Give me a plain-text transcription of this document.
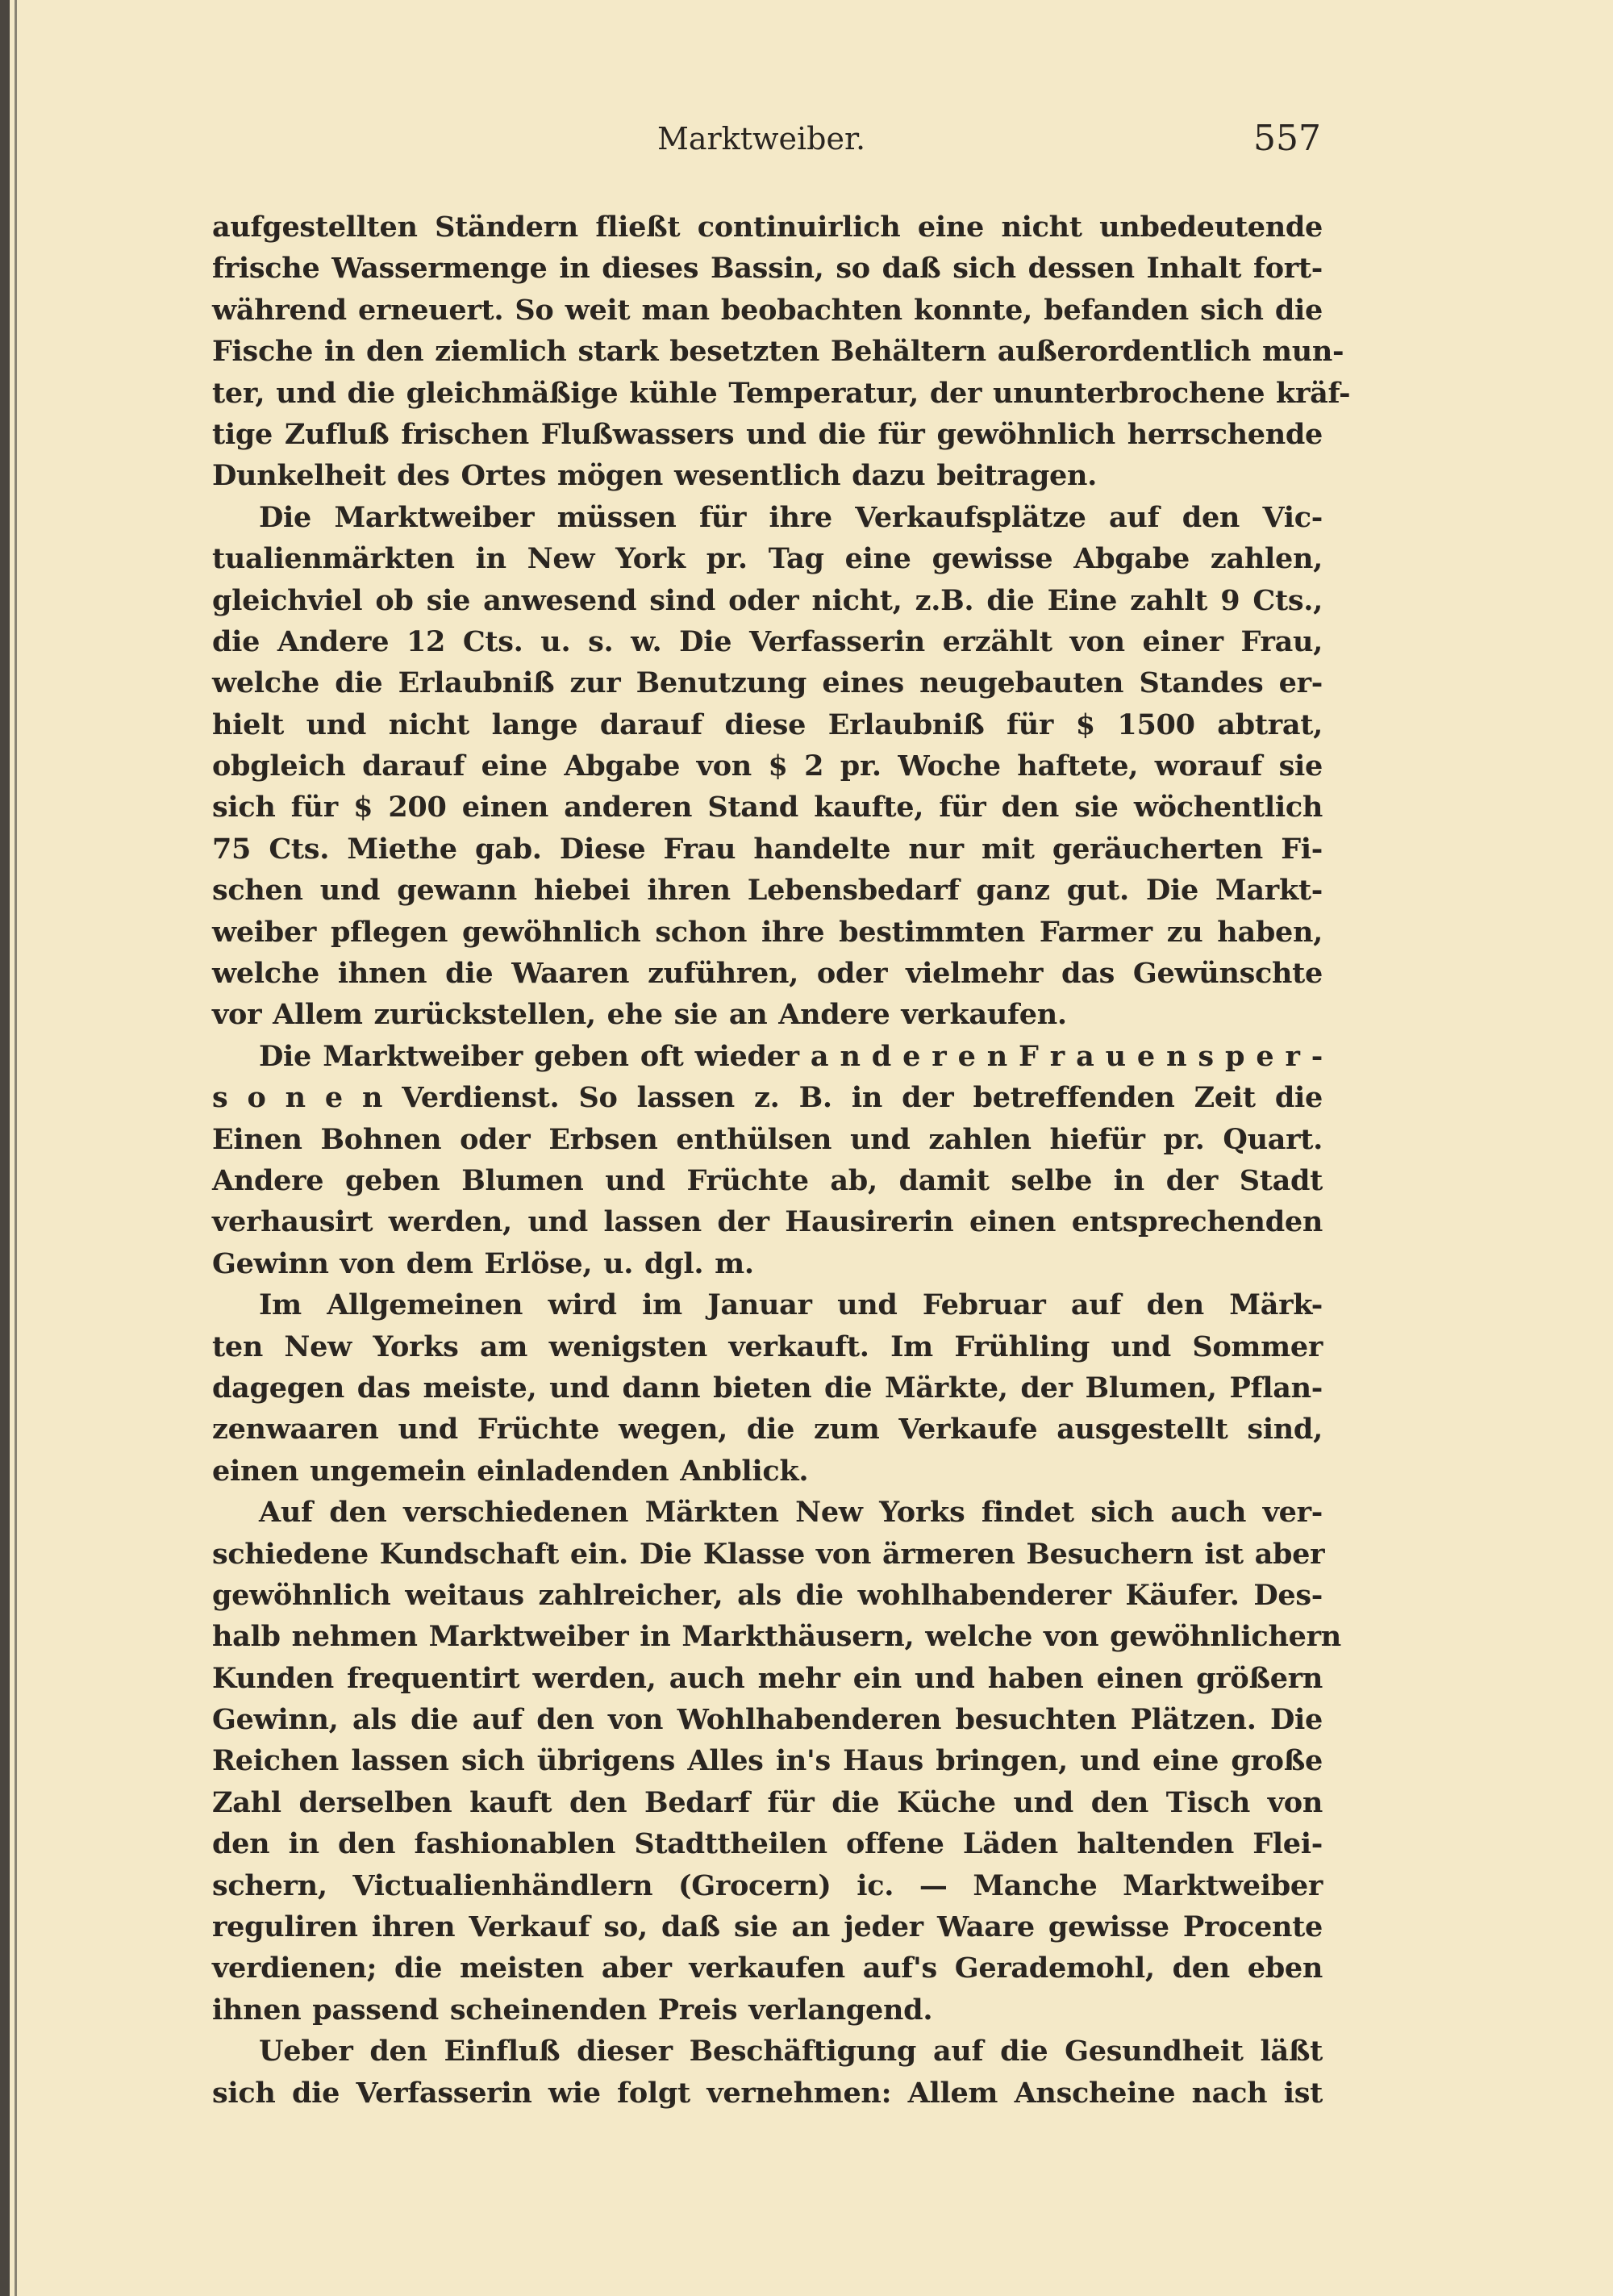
Marktweiber.	557
aufgestellten Ständern fließt continuirlich eine nicht unbedeutende
frische Wassermenge in dieses Bassin, so daß sich dessen Inhalt fort-
während erneuert. So weit man beobachten konnte, befanden sich die
Fische in den ziemlich stark besetzten Behältern außerordentlich mun-
ter, und die gleichmäßige kühle Temperatur, der ununterbrochene kräf-
tige Zufluß frischen Flußwassers und die für gewöhnlich herrschende
Dunkelheit des Ortes mögen wesentlich dazu beitragen.
Die Marktweiber müssen für ihre Verkaufsplätze auf den Vic-
tualienmärkten in New York pr. Tag eine gewisse Abgabe zahlen,
gleichviel ob sie anwesend sind oder nicht, z.B. die Eine zahlt 9 Cts.,
die Andere 12 Cts. u. s. w. Die Verfasserin erzählt von einer Frau,
welche die Erlaubniß zur Benutzung eines neugebauten Standes er-
hielt und nicht lange darauf diese Erlaubniß für $ 1500 abtrat,
obgleich darauf eine Abgabe von $ 2 pr. Woche haftete, worauf sie
sich für $ 200 einen anderen Stand kaufte, für den sie wöchentlich
75 Cts. Miethe gab. Diese Frau handelte nur mit geräucherten Fi-
schen und gewann hiebei ihren Lebensbedarf ganz gut. Die Markt-
weiber pflegen gewöhnlich schon ihre bestimmten Farmer zu haben,
welche ihnen die Waaren zuführen, oder vielmehr das Gewünschte
vor Allem zurückstellen, ehe sie an Andere verkaufen.
Die Marktweiber geben oft wieder a n d e r e n F r a u e n s p e r -
s o n e n Verdienst. So lassen z. B. in der betreffenden Zeit die
Einen Bohnen oder Erbsen enthülsen und zahlen hiefür pr. Quart.
Andere geben Blumen und Früchte ab, damit selbe in der Stadt
verhausirt werden, und lassen der Hausirerin einen entsprechenden
Gewinn von dem Erlöse, u. dgl. m.
Im Allgemeinen wird im Januar und Februar auf den Märk-
ten New Yorks am wenigsten verkauft. Im Frühling und Sommer
dagegen das meiste, und dann bieten die Märkte, der Blumen, Pflan-
zenwaaren und Früchte wegen, die zum Verkaufe ausgestellt sind,
einen ungemein einladenden Anblick.
Auf den verschiedenen Märkten New Yorks findet sich auch ver-
schiedene Kundschaft ein. Die Klasse von ärmeren Besuchern ist aber
gewöhnlich weitaus zahlreicher, als die wohlhabenderer Käufer. Des-
halb nehmen Marktweiber in Markthäusern, welche von gewöhnlichern
Kunden frequentirt werden, auch mehr ein und haben einen größern
Gewinn, als die auf den von Wohlhabenderen besuchten Plätzen. Die
Reichen lassen sich übrigens Alles in's Haus bringen, und eine große
Zahl derselben kauft den Bedarf für die Küche und den Tisch von
den in den fashionablen Stadttheilen offene Läden haltenden Flei-
schern, Victualienhändlern (Grocern) ic. — Manche Marktweiber
reguliren ihren Verkauf so, daß sie an jeder Waare gewisse Procente
verdienen; die meisten aber verkaufen auf's Gerademohl, den eben
ihnen passend scheinenden Preis verlangend.
Ueber den Einfluß dieser Beschäftigung auf die Gesundheit läßt
sich die Verfasserin wie folgt vernehmen: Allem Anscheine nach ist
